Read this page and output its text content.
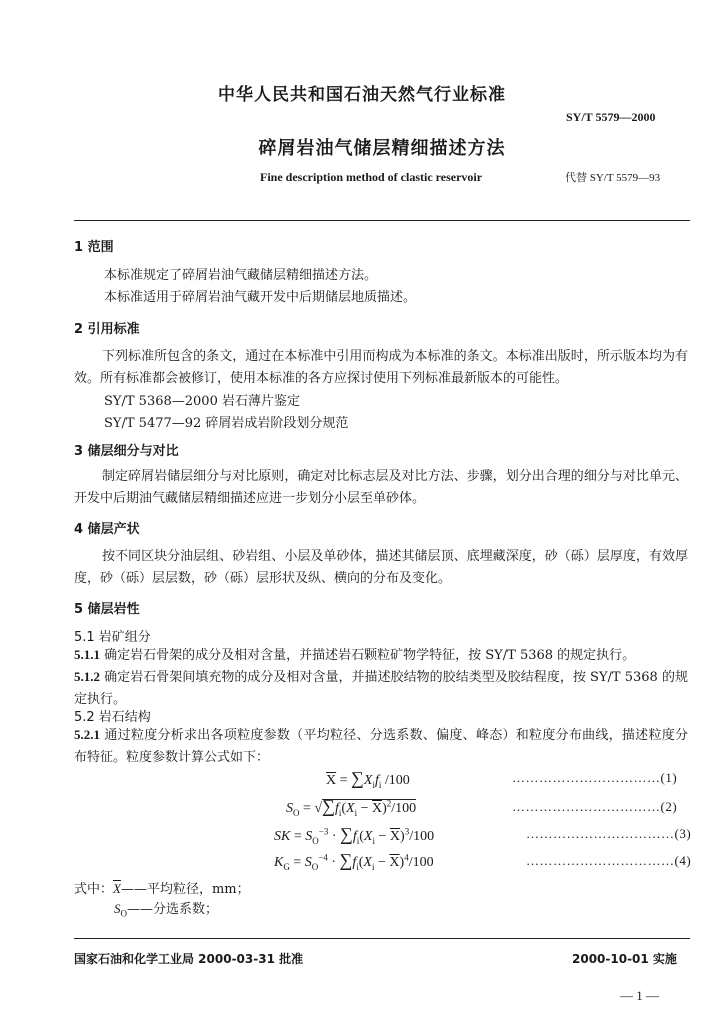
中华人民共和国石油天然气行业标准
SY/T 5579—2000
碎屑岩油气储层精细描述方法
Fine description method of clastic reservoir	代替 SY/T 5579—93
1 范围
本标准规定了碎屑岩油气藏储层精细描述方法。
本标准适用于碎屑岩油气藏开发中后期储层地质描述。
2 引用标准

下列标准所包含的条文，通过在本标准中引用而构成为本标准的条文。本标准出版时，所示版本均为有效。所有标准都会被修订，使用本标准的各方应探讨使用下列标准最新版本的可能性。

SY/T 5368—2000 岩石薄片鉴定
SY/T 5477—92 碎屑岩成岩阶段划分规范
3 储层细分与对比

制定碎屑岩储层细分与对比原则，确定对比标志层及对比方法、步骤，划分出合理的细分与对比单元、开发中后期油气藏储层精细描述应进一步划分小层至单砂体。

4 储层产状

按不同区块分油层组、砂岩组、小层及单砂体，描述其储层顶、底埋藏深度，砂（砾）层厚度，有效厚度，砂（砾）层层数，砂（砾）层形状及纵、横向的分布及变化。

5 储层岩性
5.1 岩矿组分

5.1.1 确定岩石骨架的成分及相对含量，并描述岩石颗粒矿物学特征，按 SY/T 5368 的规定执行。

5.1.2 确定岩石骨架间填充物的成分及相对含量，并描述胶结物的胶结类型及胶结程度，按 SY/T 5368 的规定执行。

5.2 岩石结构

5.2.1 通过粒度分析求出各项粒度参数（平均粒径、分选系数、偏度、峰态）和粒度分布曲线，描述粒度分布特征。粒度参数计算公式如下：

$\overline{X} = \sum X_if_i$ /100	……………………………(1)
$S_O = √\sum f_i(X_i - \overline{X})^2/100$	……………………………(2)
SK = $S_O^{-3} \cdot \sum f_i(X_i - \overline{X})^3/100$	……………………………(3)
$K_G = S_O^{-4} \cdot \sum f_i(X_i - \overline{X})^4/100$	……………………………(4)
式中：$\overline{X}——$平均粒径，mm；
$S_O——$分选系数；
国家石油和化学工业局 2000-03-31 批准	2000-10-01 实施
— 1 —
